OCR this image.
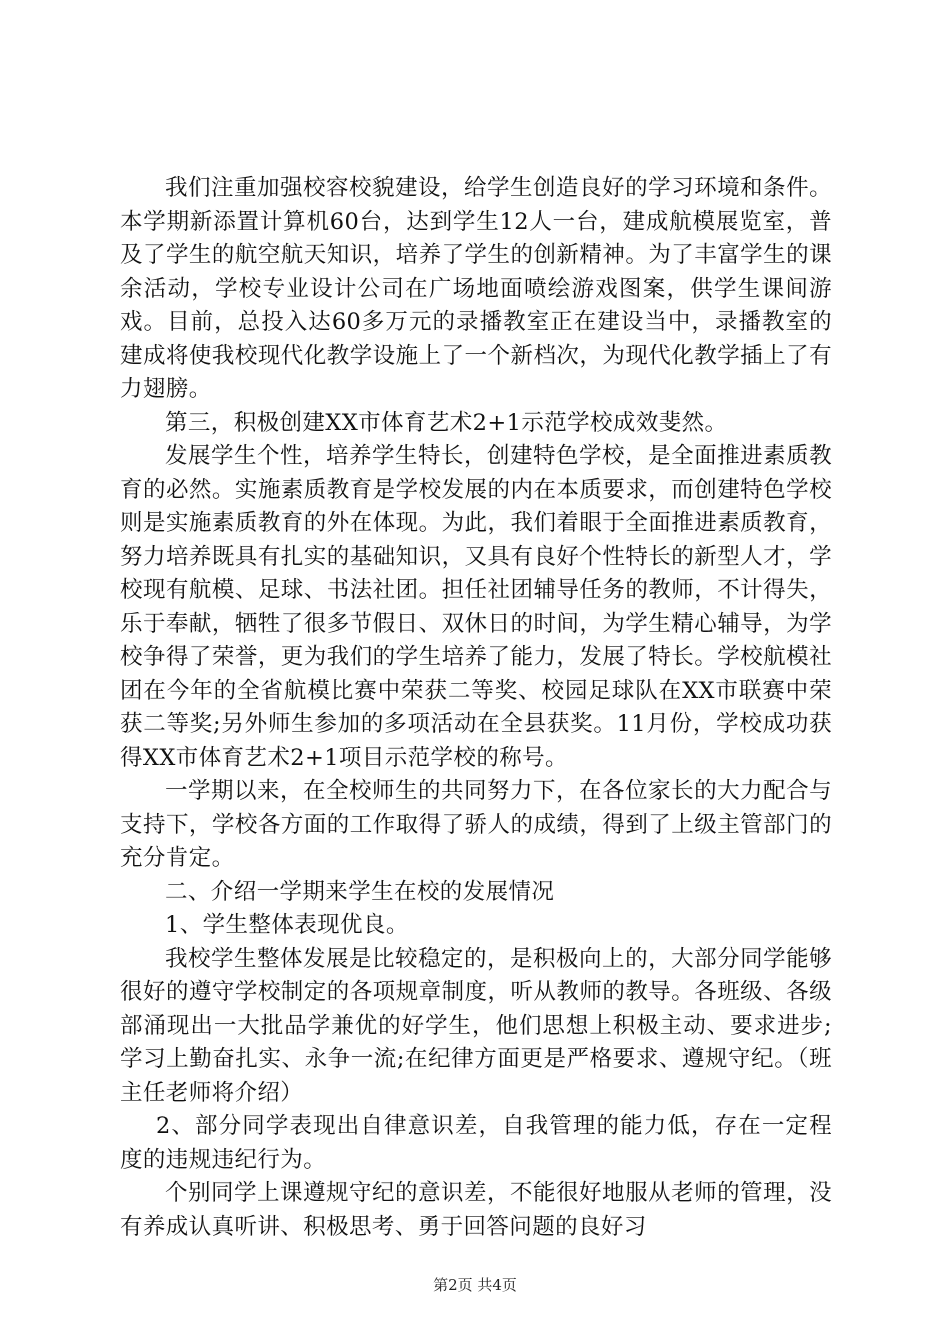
我们注重加强校容校貌建设，给学生创造良好的学习环境和条件。本学期新添置计算机60台，达到学生12人一台，建成航模展览室，普及了学生的航空航天知识，培养了学生的创新精神。为了丰富学生的课余活动，学校专业设计公司在广场地面喷绘游戏图案，供学生课间游戏。目前，总投入达60多万元的录播教室正在建设当中，录播教室的建成将使我校现代化教学设施上了一个新档次，为现代化教学插上了有力翅膀。

第三，积极创建XX市体育艺术2+1示范学校成效斐然。

发展学生个性，培养学生特长，创建特色学校，是全面推进素质教育的必然。实施素质教育是学校发展的内在本质要求，而创建特色学校则是实施素质教育的外在体现。为此，我们着眼于全面推进素质教育，努力培养既具有扎实的基础知识，又具有良好个性特长的新型人才，学校现有航模、足球、书法社团。担任社团辅导任务的教师，不计得失，乐于奉献，牺牲了很多节假日、双休日的时间，为学生精心辅导，为学校争得了荣誉，更为我们的学生培养了能力，发展了特长。学校航模社团在今年的全省航模比赛中荣获二等奖、校园足球队在XX市联赛中荣获二等奖;另外师生参加的多项活动在全县获奖。11月份，学校成功获得XX市体育艺术2+1项目示范学校的称号。

一学期以来，在全校师生的共同努力下，在各位家长的大力配合与支持下，学校各方面的工作取得了骄人的成绩，得到了上级主管部门的充分肯定。

二、介绍一学期来学生在校的发展情况

1、学生整体表现优良。

我校学生整体发展是比较稳定的，是积极向上的，大部分同学能够很好的遵守学校制定的各项规章制度，听从教师的教导。各班级、各级部涌现出一大批品学兼优的好学生，他们思想上积极主动、要求进步;学习上勤奋扎实、永争一流;在纪律方面更是严格要求、遵规守纪。（班主任老师将介绍）

2、部分同学表现出自律意识差，自我管理的能力低，存在一定程度的违规违纪行为。

个别同学上课遵规守纪的意识差，不能很好地服从老师的管理，没有养成认真听讲、积极思考、勇于回答问题的良好习

第2页 共4页
